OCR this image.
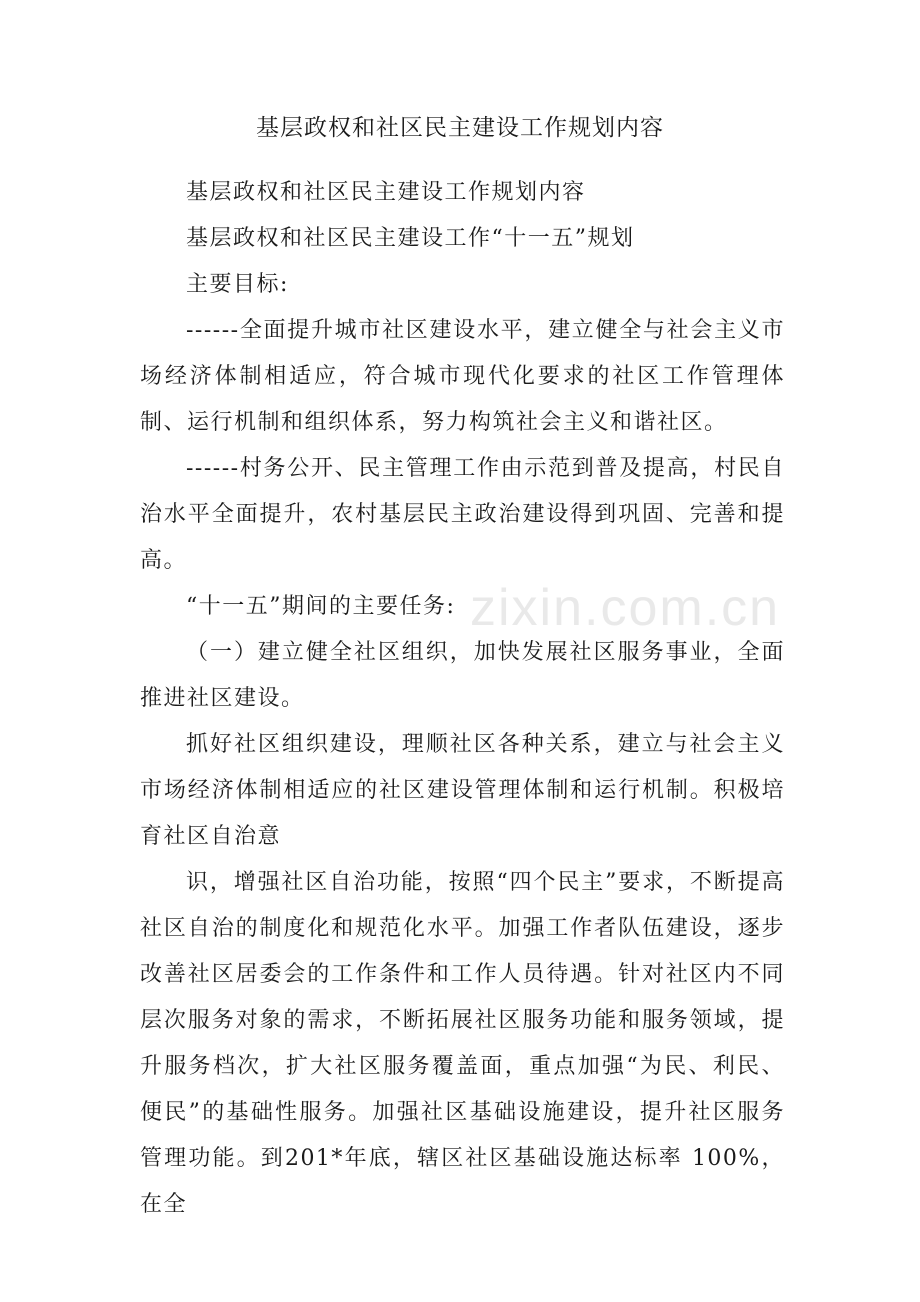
基层政权和社区民主建设工作规划内容

基层政权和社区民主建设工作规划内容

基层政权和社区民主建设工作“十一五”规划

主要目标:

------全面提升城市社区建设水平，建立健全与社会主义市场经济体制相适应，符合城市现代化要求的社区工作管理体制、运行机制和组织体系，努力构筑社会主义和谐社区。

------村务公开、民主管理工作由示范到普及提高，村民自治水平全面提升，农村基层民主政治建设得到巩固、完善和提高。

“十一五”期间的主要任务:

（一）建立健全社区组织，加快发展社区服务事业，全面推进社区建设。

抓好社区组织建设，理顺社区各种关系，建立与社会主义市场经济体制相适应的社区建设管理体制和运行机制。积极培育社区自治意

识，增强社区自治功能，按照“四个民主”要求，不断提高社区自治的制度化和规范化水平。加强工作者队伍建设，逐步改善社区居委会的工作条件和工作人员待遇。针对社区内不同层次服务对象的需求，不断拓展社区服务功能和服务领域，提升服务档次，扩大社区服务覆盖面，重点加强“为民、利民、便民”的基础性服务。加强社区基础设施建设，提升社区服务管理功能。到201*年底，辖区社区基础设施达标率 100%，在全

zixin.com.cn
